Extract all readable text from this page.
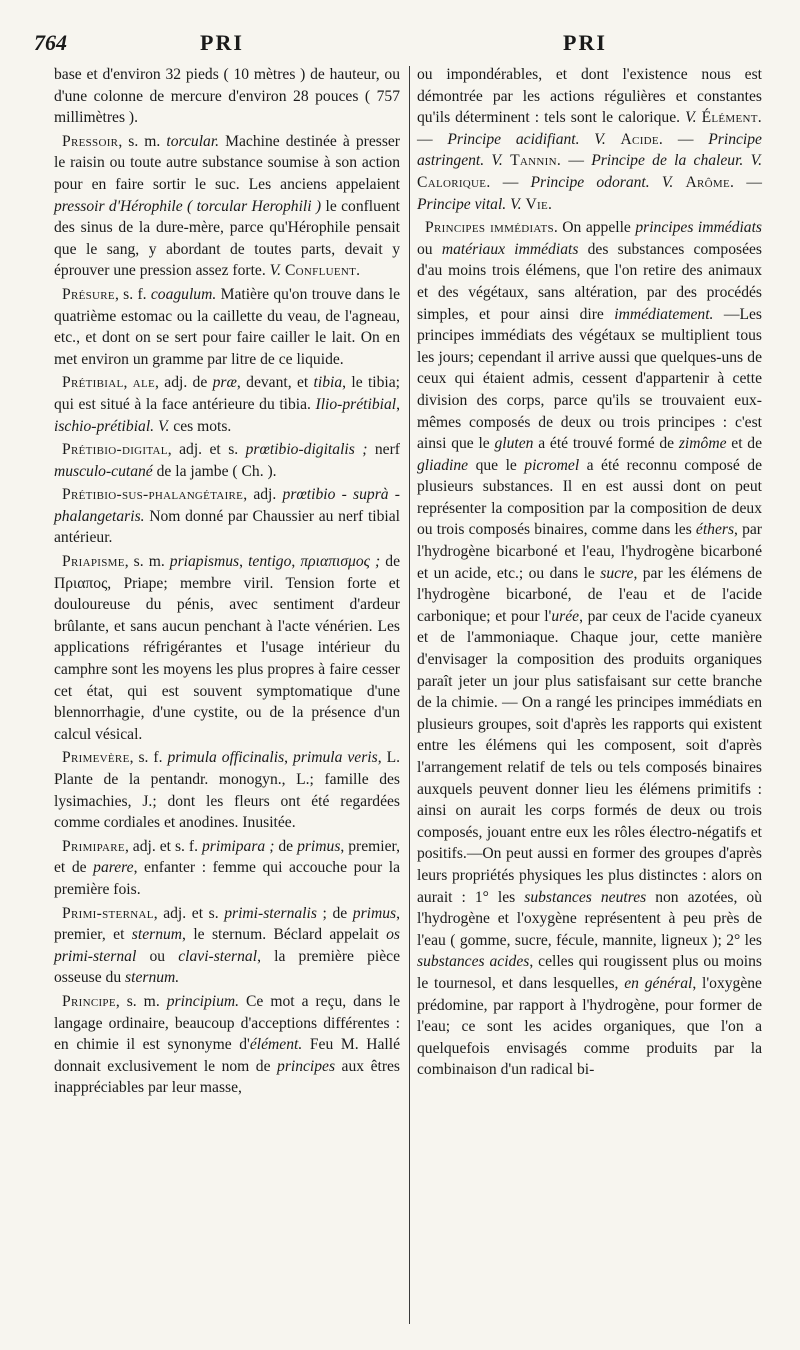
764	PRI	PRI

base et d'environ 32 pieds ( 10 mètres ) de hauteur, ou d'une colonne de mercure d'environ 28 pouces ( 757 millimètres ).

Pressoir, s. m. torcular. Machine destinée à presser le raisin ou toute autre substance soumise à son action pour en faire sortir le suc. Les anciens appelaient pressoir d'Hérophile ( torcular Herophili ) le confluent des sinus de la dure-mère, parce qu'Hérophile pensait que le sang, y abordant de toutes parts, devait y éprouver une pression assez forte. V. Confluent.

Présure, s. f. coagulum. Matière qu'on trouve dans le quatrième estomac ou la caillette du veau, de l'agneau, etc., et dont on se sert pour faire cailler le lait. On en met environ un gramme par litre de ce liquide.

Prétibial, ale, adj. de præ, devant, et tibia, le tibia; qui est situé à la face antérieure du tibia. Ilio-prétibial, ischio-prétibial. V. ces mots.

Prétibio-digital, adj. et s. prœtibio-digitalis ; nerf musculo-cutané de la jambe ( Ch. ).

Prétibio-sus-phalangétaire, adj. prœtibio - suprà - phalangetaris. Nom donné par Chaussier au nerf tibial antérieur.

Priapisme, s. m. priapismus, tentigo, πριαπισμος ; de Πριαπος, Priape; membre viril. Tension forte et douloureuse du pénis, avec sentiment d'ardeur brûlante, et sans aucun penchant à l'acte vénérien. Les applications réfrigérantes et l'usage intérieur du camphre sont les moyens les plus propres à faire cesser cet état, qui est souvent symptomatique d'une blennorrhagie, d'une cystite, ou de la présence d'un calcul vésical.

Primevère, s. f. primula officinalis, primula veris, L. Plante de la pentandr. monogyn., L.; famille des lysimachies, J.; dont les fleurs ont été regardées comme cordiales et anodines. Inusitée.

Primipare, adj. et s. f. primipara ; de primus, premier, et de parere, enfanter : femme qui accouche pour la première fois.

Primi-sternal, adj. et s. primi-sternalis ; de primus, premier, et sternum, le sternum. Béclard appelait os primi-sternal ou clavi-sternal, la première pièce osseuse du sternum.

Principe, s. m. principium. Ce mot a reçu, dans le langage ordinaire, beaucoup d'acceptions différentes : en chimie il est synonyme d'élément. Feu M. Hallé donnait exclusivement le nom de principes aux êtres inappréciables par leur masse,

ou impondérables, et dont l'existence nous est démontrée par les actions régulières et constantes qu'ils déterminent : tels sont le calorique. V. Élément. — Principe acidifiant. V. Acide. — Principe astringent. V. Tannin. — Principe de la chaleur. V. Calorique. — Principe odorant. V. Arôme. — Principe vital. V. Vie.

Principes immédiats. On appelle principes immédiats ou matériaux immédiats des substances composées d'au moins trois élémens, que l'on retire des animaux et des végétaux, sans altération, par des procédés simples, et pour ainsi dire immédiatement. —Les principes immédiats des végétaux se multiplient tous les jours; cependant il arrive aussi que quelques-uns de ceux qui étaient admis, cessent d'appartenir à cette division des corps, parce qu'ils se trouvaient eux-mêmes composés de deux ou trois principes : c'est ainsi que le gluten a été trouvé formé de zimôme et de gliadine que le picromel a été reconnu composé de plusieurs substances. Il en est aussi dont on peut représenter la composition par la composition de deux ou trois composés binaires, comme dans les éthers, par l'hydrogène bicarboné et l'eau, l'hydrogène bicarboné et un acide, etc.; ou dans le sucre, par les élémens de l'hydrogène bicarboné, de l'eau et de l'acide carbonique; et pour l'urée, par ceux de l'acide cyaneux et de l'ammoniaque. Chaque jour, cette manière d'envisager la composition des produits organiques paraît jeter un jour plus satisfaisant sur cette branche de la chimie. — On a rangé les principes immédiats en plusieurs groupes, soit d'après les rapports qui existent entre les élémens qui les composent, soit d'après l'arrangement relatif de tels ou tels composés binaires auxquels peuvent donner lieu les élémens primitifs : ainsi on aurait les corps formés de deux ou trois composés, jouant entre eux les rôles électro-négatifs et positifs.—On peut aussi en former des groupes d'après leurs propriétés physiques les plus distinctes : alors on aurait : 1° les substances neutres non azotées, où l'hydrogène et l'oxygène représentent à peu près de l'eau ( gomme, sucre, fécule, mannite, ligneux ); 2° les substances acides, celles qui rougissent plus ou moins le tournesol, et dans lesquelles, en général, l'oxygène prédomine, par rapport à l'hydrogène, pour former de l'eau; ce sont les acides organiques, que l'on a quelquefois envisagés comme produits par la combinaison d'un radical bi-
